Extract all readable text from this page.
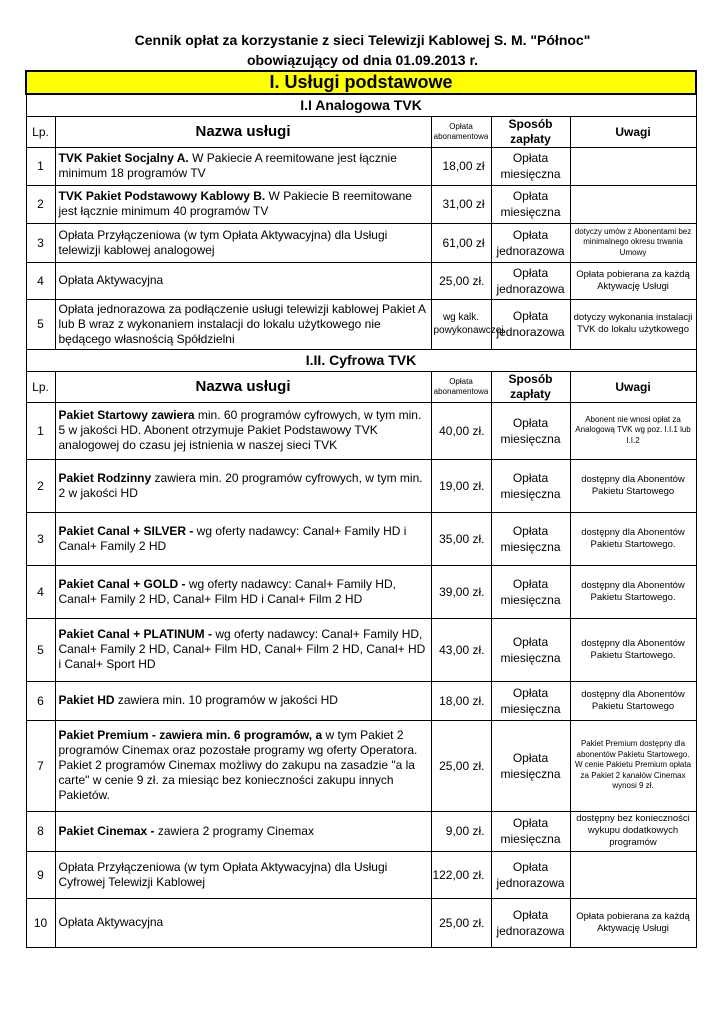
Cennik opłat za korzystanie z sieci Telewizji Kablowej S. M. "Północ"
obowiązujący od dnia 01.09.2013 r.
I. Usługi podstawowe				
I.I Analogowa TVK				
Lp.	Nazwa usługi	Opłata abonamentowa	Sposób zapłaty	Uwagi
1	TVK Pakiet Socjalny A. W Pakiecie A reemitowane jest łącznie minimum 18 programów TV	18,00 zł	Opłata miesięczna	
2	TVK Pakiet Podstawowy Kablowy B. W Pakiecie B reemitowane jest łącznie minimum 40 programów TV	31,00 zł	Opłata miesięczna	
3	Opłata Przyłączeniowa (w tym Opłata Aktywacyjna) dla Usługi telewizji kablowej analogowej	61,00 zł	Opłata jednorazowa	dotyczy umów z Abonentami bez minimalnego okresu trwania Umowy
4	Opłata Aktywacyjna	25,00 zł.	Opłata jednorazowa	Opłata pobierana za każdą Aktywację Usługi
5	Opłata jednorazowa za podłączenie usługi telewizji kablowej Pakiet A lub B wraz z wykonaniem instalacji do lokalu użytkowego nie będącego własnością Spółdzielni	wg kalk. powykonawczej	Opłata jednorazowa	dotyczy wykonania instalacji TVK do lokalu użytkowego
I.II. Cyfrowa TVK				
Lp.	Nazwa usługi	Opłata abonamentowa	Sposób zapłaty	Uwagi
1	Pakiet Startowy zawiera min. 60 programów cyfrowych, w tym min. 5 w jakości HD. Abonent otrzymuje Pakiet Podstawowy TVK analogowej do czasu jej istnienia w naszej sieci TVK	40,00 zł.	Opłata miesięczna	Abonent nie wnosi opłat za Analogową TVK wg poz. I.I.1 lub I.I.2
2	Pakiet Rodzinny zawiera min. 20 programów cyfrowych, w tym min. 2 w jakości HD	19,00 zł.	Opłata miesięczna	dostępny dla Abonentów Pakietu Startowego
3	Pakiet Canal + SILVER - wg oferty nadawcy: Canal+ Family HD i Canal+ Family 2 HD	35,00 zł.	Opłata miesięczna	dostępny dla Abonentów Pakietu Startowego.
4	Pakiet Canal + GOLD - wg oferty nadawcy: Canal+ Family HD, Canal+ Family 2 HD, Canal+ Film HD i Canal+ Film 2 HD	39,00 zł.	Opłata miesięczna	dostępny dla Abonentów Pakietu Startowego.
5	Pakiet Canal + PLATINUM - wg oferty nadawcy: Canal+ Family HD, Canal+ Family 2 HD, Canal+ Film HD, Canal+ Film 2 HD, Canal+ HD i Canal+ Sport HD	43,00 zł.	Opłata miesięczna	dostępny dla Abonentów Pakietu Startowego.
6	Pakiet HD zawiera min. 10 programów w jakości HD	18,00 zł.	Opłata miesięczna	dostępny dla Abonentów Pakietu Startowego
7	Pakiet Premium - zawiera min. 6 programów, a w tym Pakiet 2 programów Cinemax oraz pozostałe programy wg oferty Operatora. Pakiet 2 programów Cinemax możliwy do zakupu na zasadzie "a la carte" w cenie 9 zł. za miesiąc bez konieczności zakupu innych Pakietów.	25,00 zł.	Opłata miesięczna	Pakiet Premium dostępny dla abonentów Pakietu Startowego. W cenie Pakietu Premium opłata za Pakiet 2 kanałów Cinemax wynosi 9 zł.
8	Pakiet Cinemax - zawiera 2 programy Cinemax	9,00 zł.	Opłata miesięczna	dostępny bez konieczności wykupu dodatkowych programów
9	Opłata Przyłączeniowa (w tym Opłata Aktywacyjna) dla Usługi Cyfrowej Telewizji Kablowej	122,00 zł.	Opłata jednorazowa	
10	Opłata Aktywacyjna	25,00 zł.	Opłata jednorazowa	Opłata pobierana za każdą Aktywację Usługi
